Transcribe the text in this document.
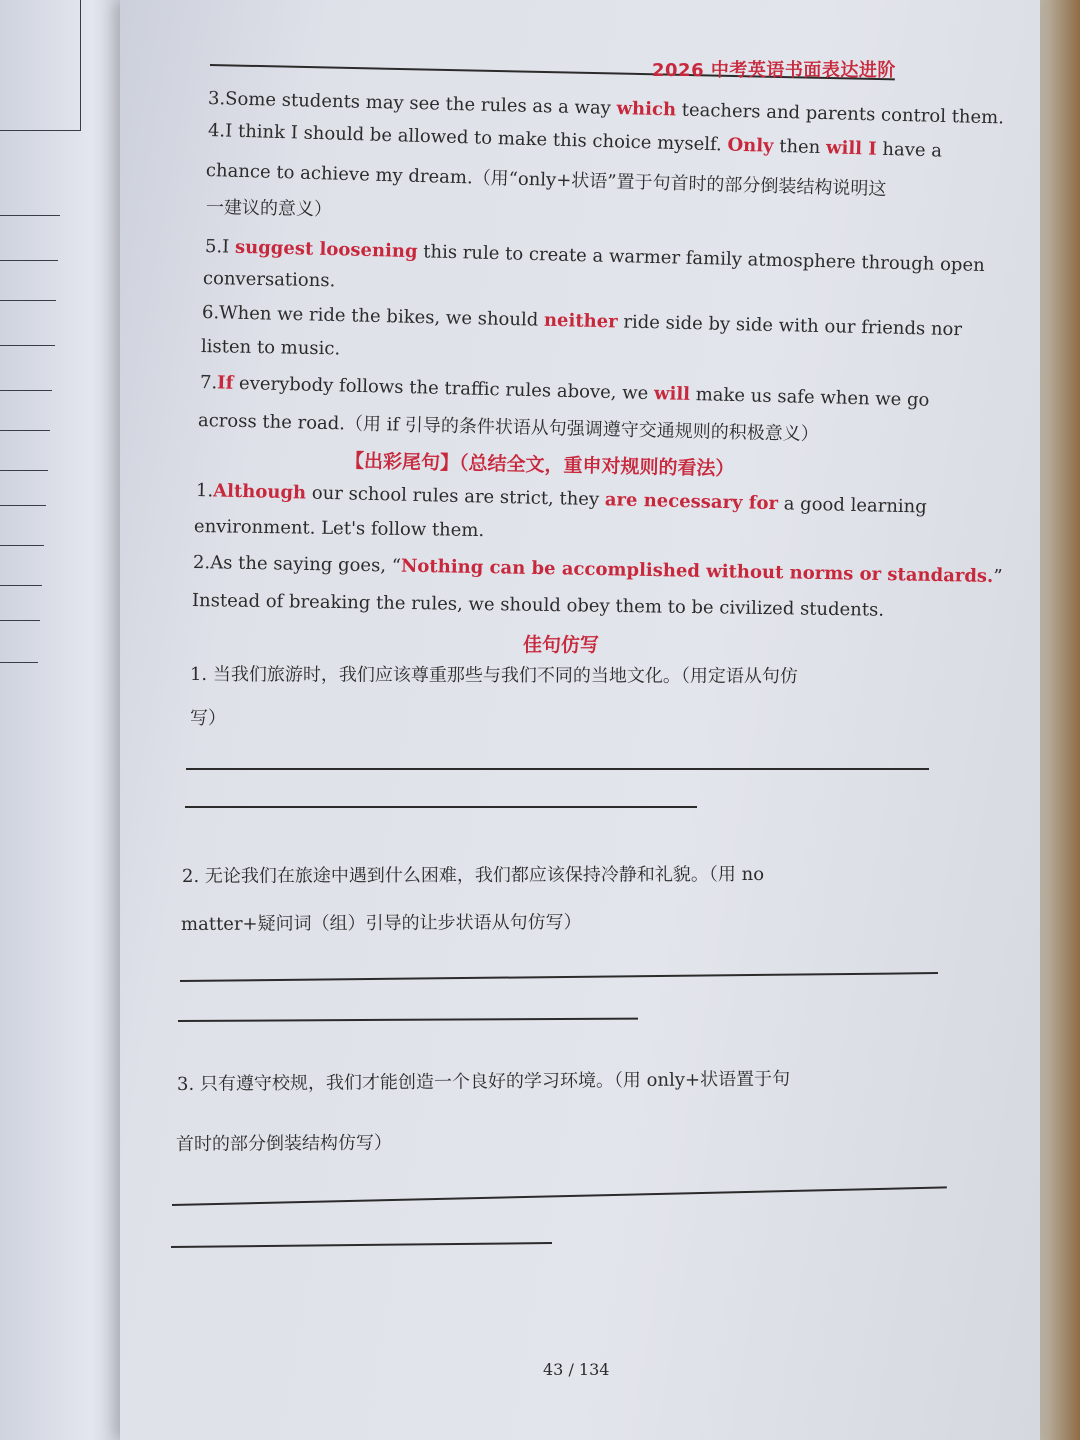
2026 中考英语书面表达进阶
3.Some students may see the rules as a way which teachers and parents control them.
4.I think I should be allowed to make this choice myself. Only then will I have a
chance to achieve my dream.（用“only+状语”置于句首时的部分倒装结构说明这
一建议的意义）
5.I suggest loosening this rule to create a warmer family atmosphere through open
conversations.
6.When we ride the bikes, we should neither ride side by side with our friends nor
listen to music.
7.If everybody follows the traffic rules above, we will make us safe when we go
across the road.（用 if 引导的条件状语从句强调遵守交通规则的积极意义）
【出彩尾句】（总结全文，重申对规则的看法）
1.Although our school rules are strict, they are necessary for a good learning
environment. Let's follow them.
2.As the saying goes, “Nothing can be accomplished without norms or standards.”
Instead of breaking the rules, we should obey them to be civilized students.
佳句仿写
1. 当我们旅游时，我们应该尊重那些与我们不同的当地文化。（用定语从句仿
写）
2. 无论我们在旅途中遇到什么困难，我们都应该保持冷静和礼貌。（用 no
matter+疑问词（组）引导的让步状语从句仿写）
3. 只有遵守校规，我们才能创造一个良好的学习环境。（用 only+状语置于句
首时的部分倒装结构仿写）
43 / 134
